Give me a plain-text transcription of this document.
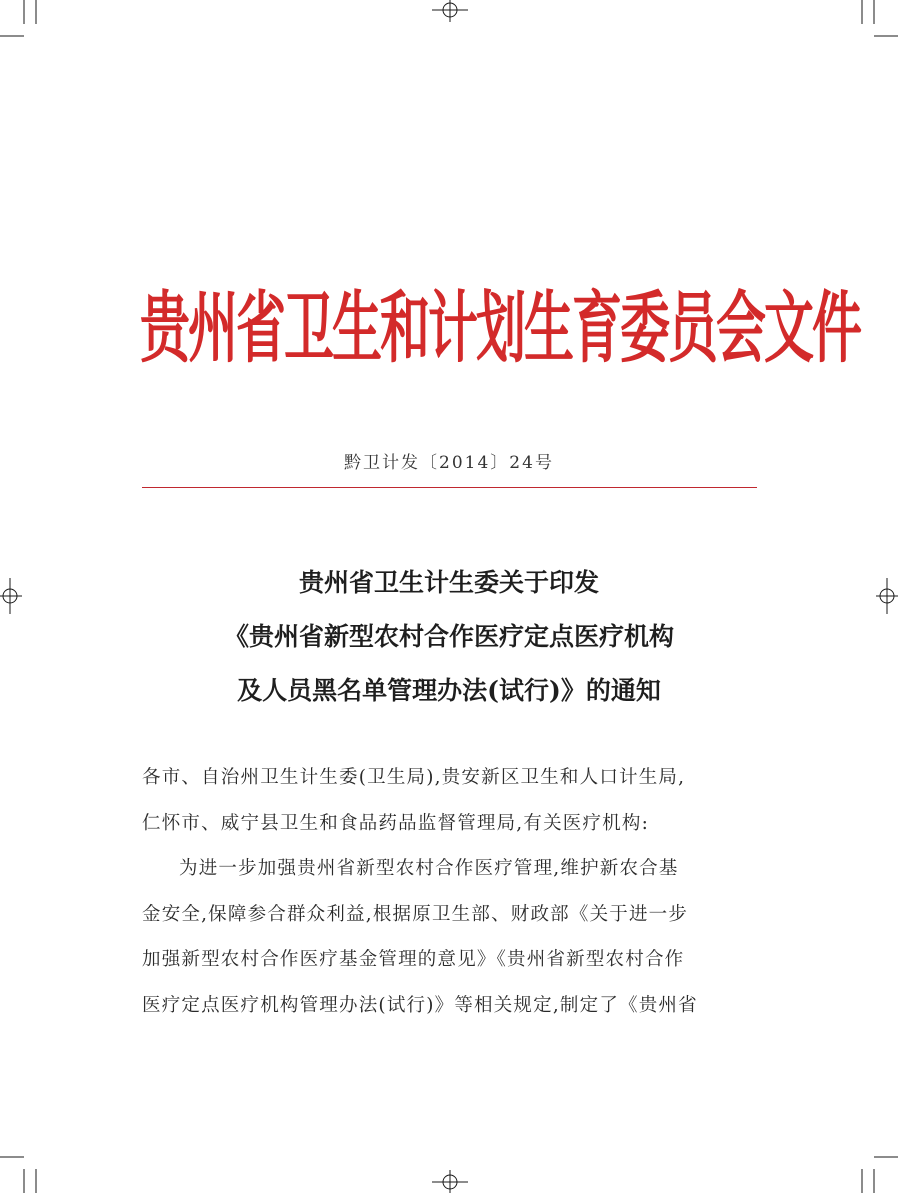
贵州省卫生和计划生育委员会文件
黔卫计发〔2014〕24号
贵州省卫生计生委关于印发
《贵州省新型农村合作医疗定点医疗机构
及人员黑名单管理办法(试行)》的通知

各市、自治州卫生计生委(卫生局),贵安新区卫生和人口计生局,

仁怀市、威宁县卫生和食品药品监督管理局,有关医疗机构:

为进一步加强贵州省新型农村合作医疗管理,维护新农合基

金安全,保障参合群众利益,根据原卫生部、财政部《关于进一步

加强新型农村合作医疗基金管理的意见》《贵州省新型农村合作

医疗定点医疗机构管理办法(试行)》等相关规定,制定了《贵州省
